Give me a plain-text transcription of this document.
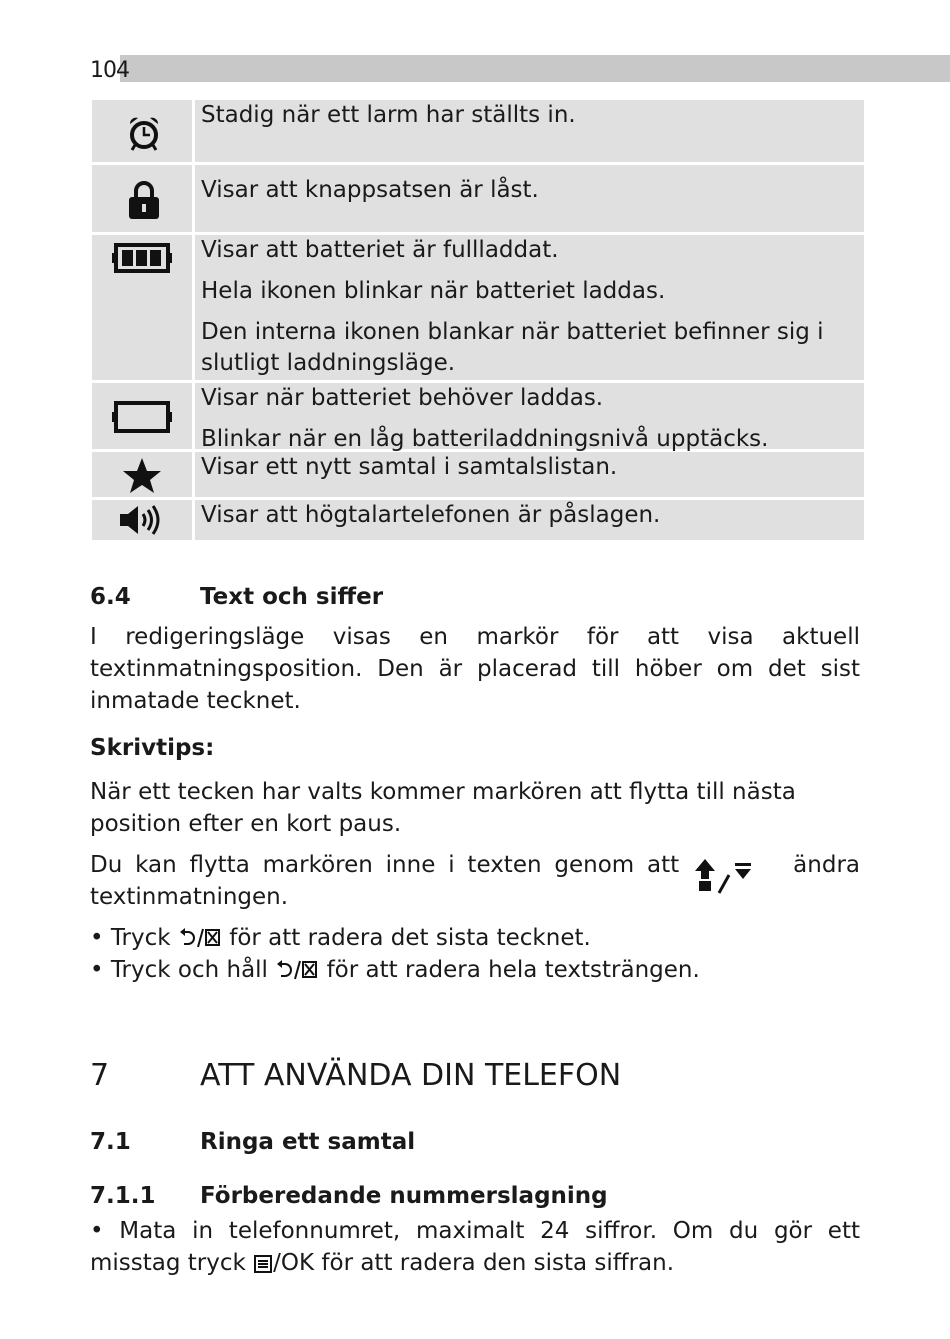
104

Stadig när ett larm har ställts in.

Visar att knappsatsen är låst.

Visar att batteriet är fullladdat.

Hela ikonen blinkar när batteriet laddas.

Den interna ikonen blankar när batteriet befinner sig i slutligt laddningsläge.

Visar när batteriet behöver laddas.

Blinkar när en låg batteriladdningsnivå upptäcks.

Visar ett nytt samtal i samtalslistan.

Visar att högtalartelefonen är påslagen.

6.4	Text och siffer
I redigeringsläge visas en markör för att visa aktuell textinmatningsposition. Den är placerad till höber om det sist inmatade tecknet.
Skrivtips:
När ett tecken har valts kommer markören att flytta till nästa position efter en kort paus.
Du kan flytta markören inne i texten genom att	ändra
textinmatningen.
• Tryck	för att radera det sista tecknet.
• Tryck och håll	för att radera hela textsträngen.
7	ATT ANVÄNDA DIN TELEFON
7.1	Ringa ett samtal
7.1.1 Förberedande nummerslagning
• Mata in telefonnumret, maximalt 24 siffror. Om du gör ett misstag tryck /OK för att radera den sista siffran.
